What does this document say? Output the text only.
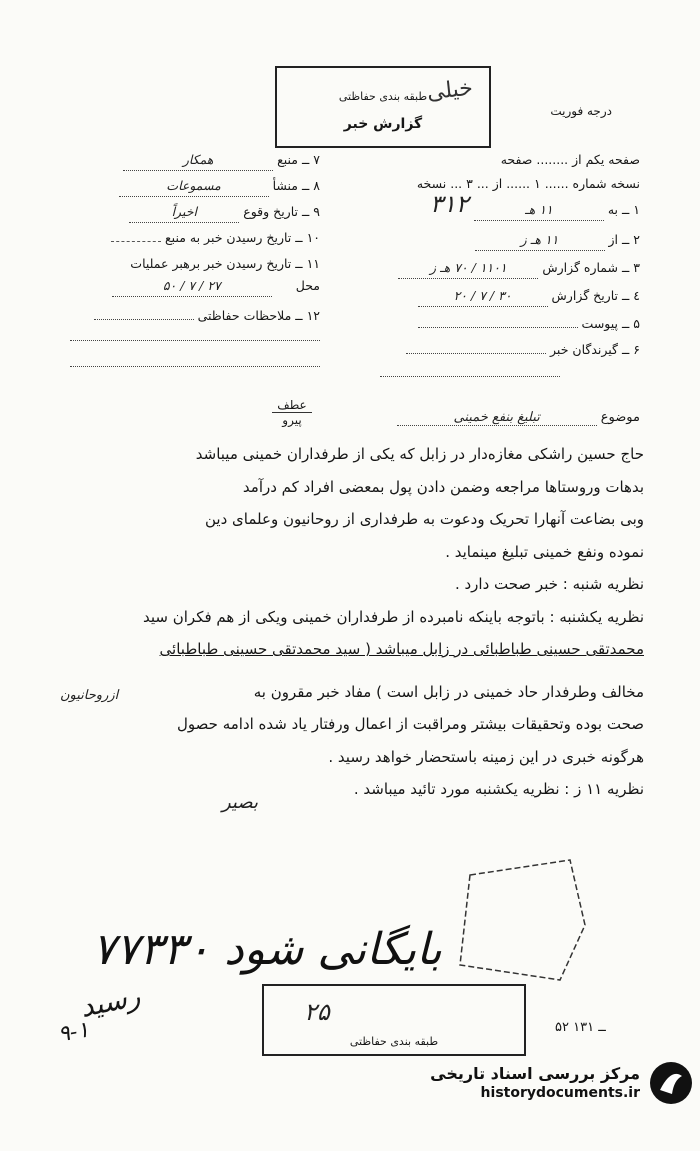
خیلی
طبقه بندی حفاظتی
گزارش خبر
درجه فوریت
صفحه یکم از ........ صفحه
نسخه شماره ...... ۱ ...... از ... ۳ ... نسخه
۱ ــ به ۱۱ هـ
۳۱۲
۲ ــ از ۱۱ هـ ز
۳ ــ شماره گزارش ۱۱۰۱ / ۷۰ هـ ز
٤ ــ تاریخ گزارش ۳۰ / ۷ / ۲۰
۵ ــ پیوست
۶ ــ گیرندگان خبر
۷ ــ منبع همکار
۸ ــ منشأ مسموعات
۹ ــ تاریخ وقوع اخیراً
۱۰ ــ تاریخ رسیدن خبر به منبع
۱۱ ــ تاریخ رسیدن خبر برهبر عملیات
محل ۲۷ / ۷ / ۵۰
۱۲ ــ ملاحظات حفاظتی
عطف
پیرو	موضوع تبلیغ بنفع خمینی
حاج حسین راشکی مغازه‌دار در زابل که یکی از طرفداران خمینی میباشد
بدهات وروستاها مراجعه وضمن دادن پول بمعضی افراد کم درآمد
وبی بضاعت آنهارا تحریک ودعوت به طرفداری از روحانیون وعلمای دین
نموده ونفع خمینی تبلیغ مینماید .
نظریه شنبه : خبر صحت دارد .
نظریه یکشنبه : باتوجه باینکه نامبرده از طرفداران خمینی ویکی از هم فکران سید
محمدتقی حسینی طباطبائی در زابل میباشد ( سید محمدتقی حسینی طباطبائی
مخالف وطرفدار حاد خمینی در زابل است ) مفاد خبر مقرون به
صحت بوده وتحقیقات بیشتر ومراقبت از اعمال ورفتار یاد شده ادامه حصول
هرگونه خبری در این زمینه باستحضار خواهد رسید .
نظریه ۱۱ ز : نظریه یکشنبه مورد تائید میباشد .
ازروحانیون
بصیر
۷۷۳۳۰ بایگانی شود
رسید
۹-۱
۲۵
طبقه بندی حفاظتی
۵۲ ــ ۱۳۱
مرکز بررسی اسناد تاریخی
historydocuments.ir
